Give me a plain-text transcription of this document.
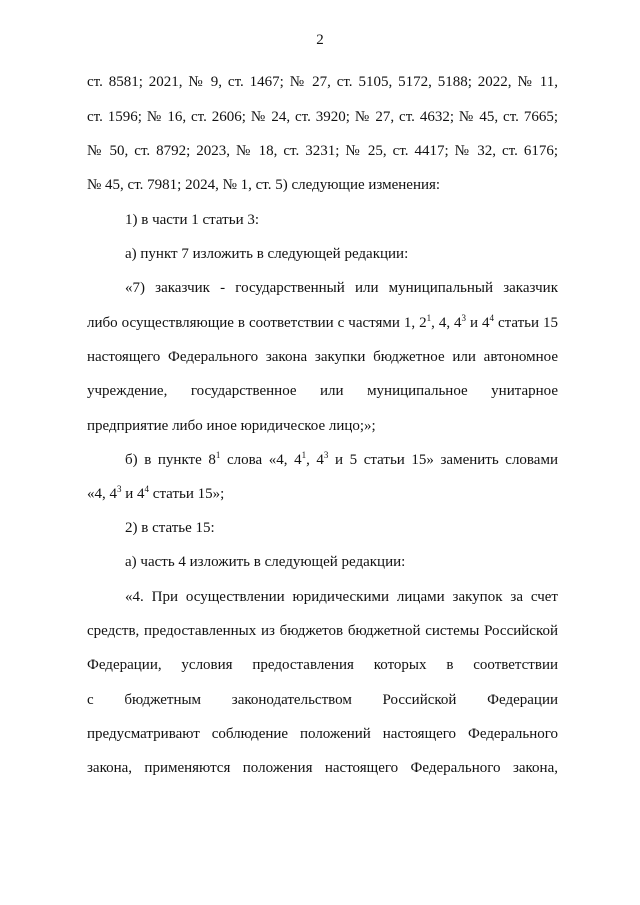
2
ст. 8581; 2021, № 9, ст. 1467; № 27, ст. 5105, 5172, 5188; 2022, № 11,
ст. 1596; № 16, ст. 2606; № 24, ст. 3920; № 27, ст. 4632; № 45, ст. 7665;
№ 50, ст. 8792; 2023, № 18, ст. 3231; № 25, ст. 4417; № 32, ст. 6176;
№ 45, ст. 7981; 2024, № 1, ст. 5) следующие изменения:
1) в части 1 статьи 3:
а) пункт 7 изложить в следующей редакции:
«7) заказчик - государственный или муниципальный заказчик
либо осуществляющие в соответствии с частями 1, $2^1$, 4, $4^3$ и $4^4$ статьи 15
настоящего Федерального закона закупки бюджетное или автономное
учреждение, государственное или муниципальное унитарное
предприятие либо иное юридическое лицо;»;
б) в пункте $8^1$ слова «4, $4^1$, $4^3$ и 5 статьи 15» заменить словами
«4, $4^3$ и $4^4$ статьи 15»;
2) в статье 15:
а) часть 4 изложить в следующей редакции:
«4. При осуществлении юридическими лицами закупок за счет
средств, предоставленных из бюджетов бюджетной системы Российской
Федерации, условия предоставления которых в соответствии
с бюджетным законодательством Российской Федерации
предусматривают соблюдение положений настоящего Федерального
закона, применяются положения настоящего Федерального закона,
